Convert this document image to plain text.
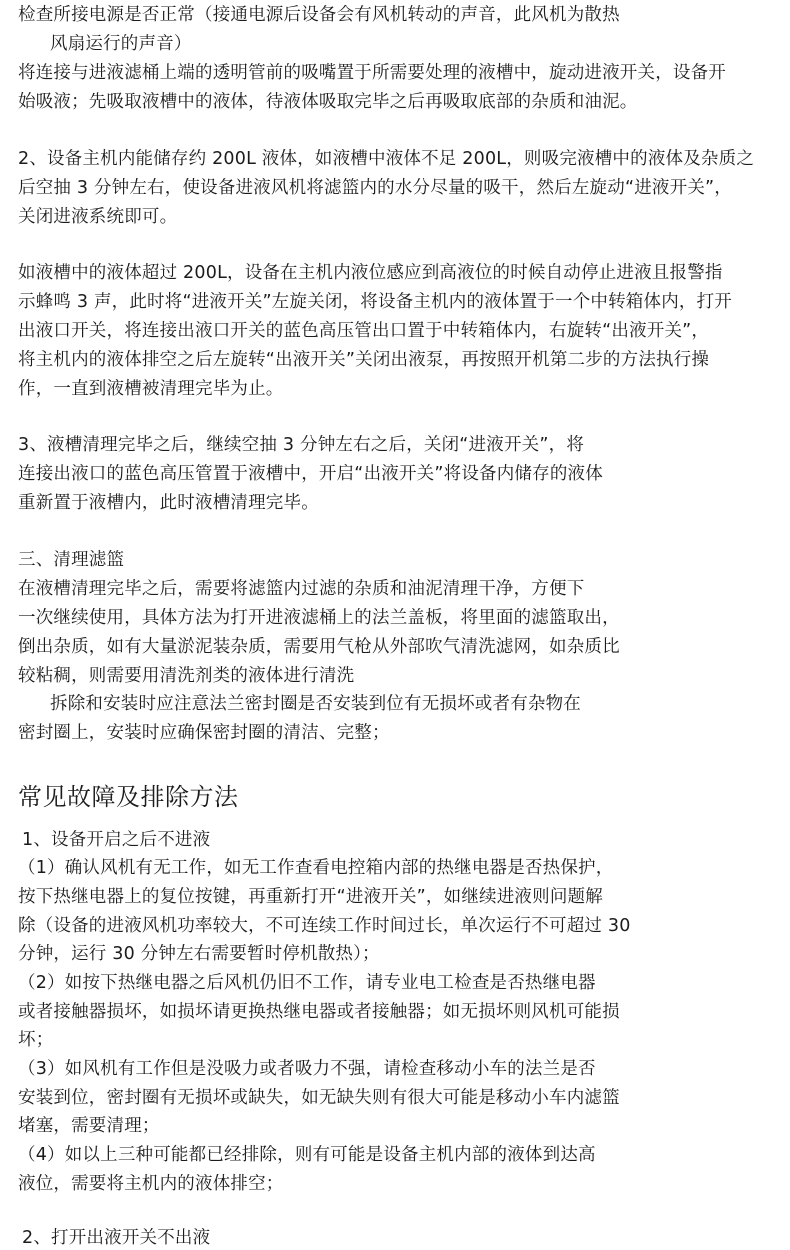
检查所接电源是否正常（接通电源后设备会有风机转动的声音，此风机为散热
风扇运行的声音）
将连接与进液滤桶上端的透明管前的吸嘴置于所需要处理的液槽中，旋动进液开关，设备开
始吸液；先吸取液槽中的液体，待液体吸取完毕之后再吸取底部的杂质和油泥。
2、设备主机内能储存约 200L 液体，如液槽中液体不足 200L，则吸完液槽中的液体及杂质之
后空抽 3 分钟左右，使设备进液风机将滤篮内的水分尽量的吸干，然后左旋动“进液开关”，
关闭进液系统即可。
如液槽中的液体超过 200L，设备在主机内液位感应到高液位的时候自动停止进液且报警指
示蜂鸣 3 声，此时将“进液开关”左旋关闭，将设备主机内的液体置于一个中转箱体内，打开
出液口开关，将连接出液口开关的蓝色高压管出口置于中转箱体内，右旋转“出液开关”，
将主机内的液体排空之后左旋转“出液开关”关闭出液泵，再按照开机第二步的方法执行操
作，一直到液槽被清理完毕为止。
3、液槽清理完毕之后，继续空抽 3 分钟左右之后，关闭“进液开关”，将
连接出液口的蓝色高压管置于液槽中，开启“出液开关”将设备内储存的液体
重新置于液槽内，此时液槽清理完毕。
三、清理滤篮
在液槽清理完毕之后，需要将滤篮内过滤的杂质和油泥清理干净，方便下
一次继续使用，具体方法为打开进液滤桶上的法兰盖板，将里面的滤篮取出，
倒出杂质，如有大量淤泥装杂质，需要用气枪从外部吹气清洗滤网，如杂质比
较粘稠，则需要用清洗剂类的液体进行清洗
拆除和安装时应注意法兰密封圈是否安装到位有无损坏或者有杂物在
密封圈上，安装时应确保密封圈的清洁、完整；
常见故障及排除方法
1、设备开启之后不进液
（1）确认风机有无工作，如无工作查看电控箱内部的热继电器是否热保护，
按下热继电器上的复位按键，再重新打开“进液开关”，如继续进液则问题解
除（设备的进液风机功率较大，不可连续工作时间过长，单次运行不可超过 30
分钟，运行 30 分钟左右需要暂时停机散热）；
（2）如按下热继电器之后风机仍旧不工作，请专业电工检查是否热继电器
或者接触器损坏，如损坏请更换热继电器或者接触器；如无损坏则风机可能损
坏；
（3）如风机有工作但是没吸力或者吸力不强，请检查移动小车的法兰是否
安装到位，密封圈有无损坏或缺失，如无缺失则有很大可能是移动小车内滤篮
堵塞，需要清理；
（4）如以上三种可能都已经排除，则有可能是设备主机内部的液体到达高
液位，需要将主机内的液体排空；
2、打开出液开关不出液
